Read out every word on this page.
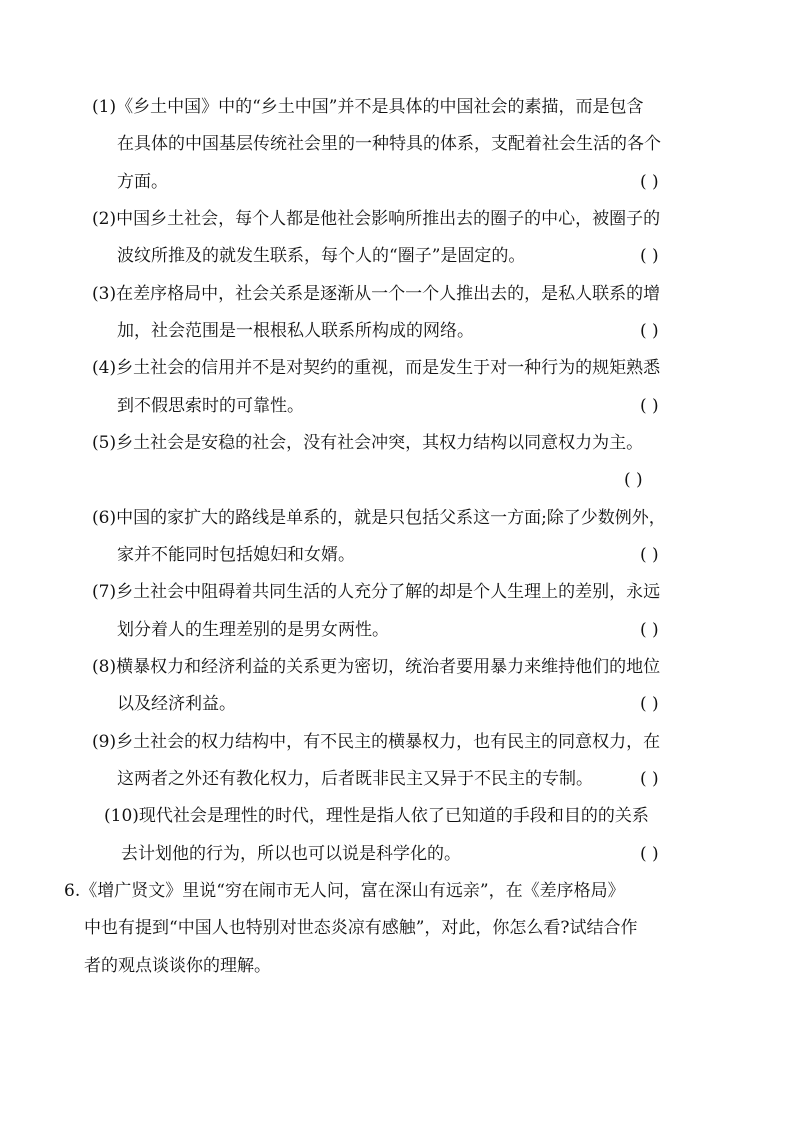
(1)《乡土中国》中的“乡土中国”并不是具体的中国社会的素描，而是包含
在具体的中国基层传统社会里的一种特具的体系，支配着社会生活的各个
方面。	( )
(2)中国乡土社会，每个人都是他社会影响所推出去的圈子的中心，被圈子的
波纹所推及的就发生联系，每个人的“圈子”是固定的。	( )
(3)在差序格局中，社会关系是逐渐从一个一个人推出去的，是私人联系的增
加，社会范围是一根根私人联系所构成的网络。	( )
(4)乡土社会的信用并不是对契约的重视，而是发生于对一种行为的规矩熟悉
到不假思索时的可靠性。	( )
(5)乡土社会是安稳的社会，没有社会冲突，其权力结构以同意权力为主。
( )
(6)中国的家扩大的路线是单系的，就是只包括父系这一方面;除了少数例外，
家并不能同时包括媳妇和女婿。	( )
(7)乡土社会中阻碍着共同生活的人充分了解的却是个人生理上的差别，永远
划分着人的生理差别的是男女两性。	( )
(8)横暴权力和经济利益的关系更为密切，统治者要用暴力来维持他们的地位
以及经济利益。	( )
(9)乡土社会的权力结构中，有不民主的横暴权力，也有民主的同意权力，在
这两者之外还有教化权力，后者既非民主又异于不民主的专制。	( )
(10)现代社会是理性的时代，理性是指人依了已知道的手段和目的的关系
去计划他的行为，所以也可以说是科学化的。	( )
6.《增广贤文》里说“穷在闹市无人问，富在深山有远亲”，在《差序格局》
中也有提到“中国人也特别对世态炎凉有感触”，对此，你怎么看?试结合作
者的观点谈谈你的理解。
